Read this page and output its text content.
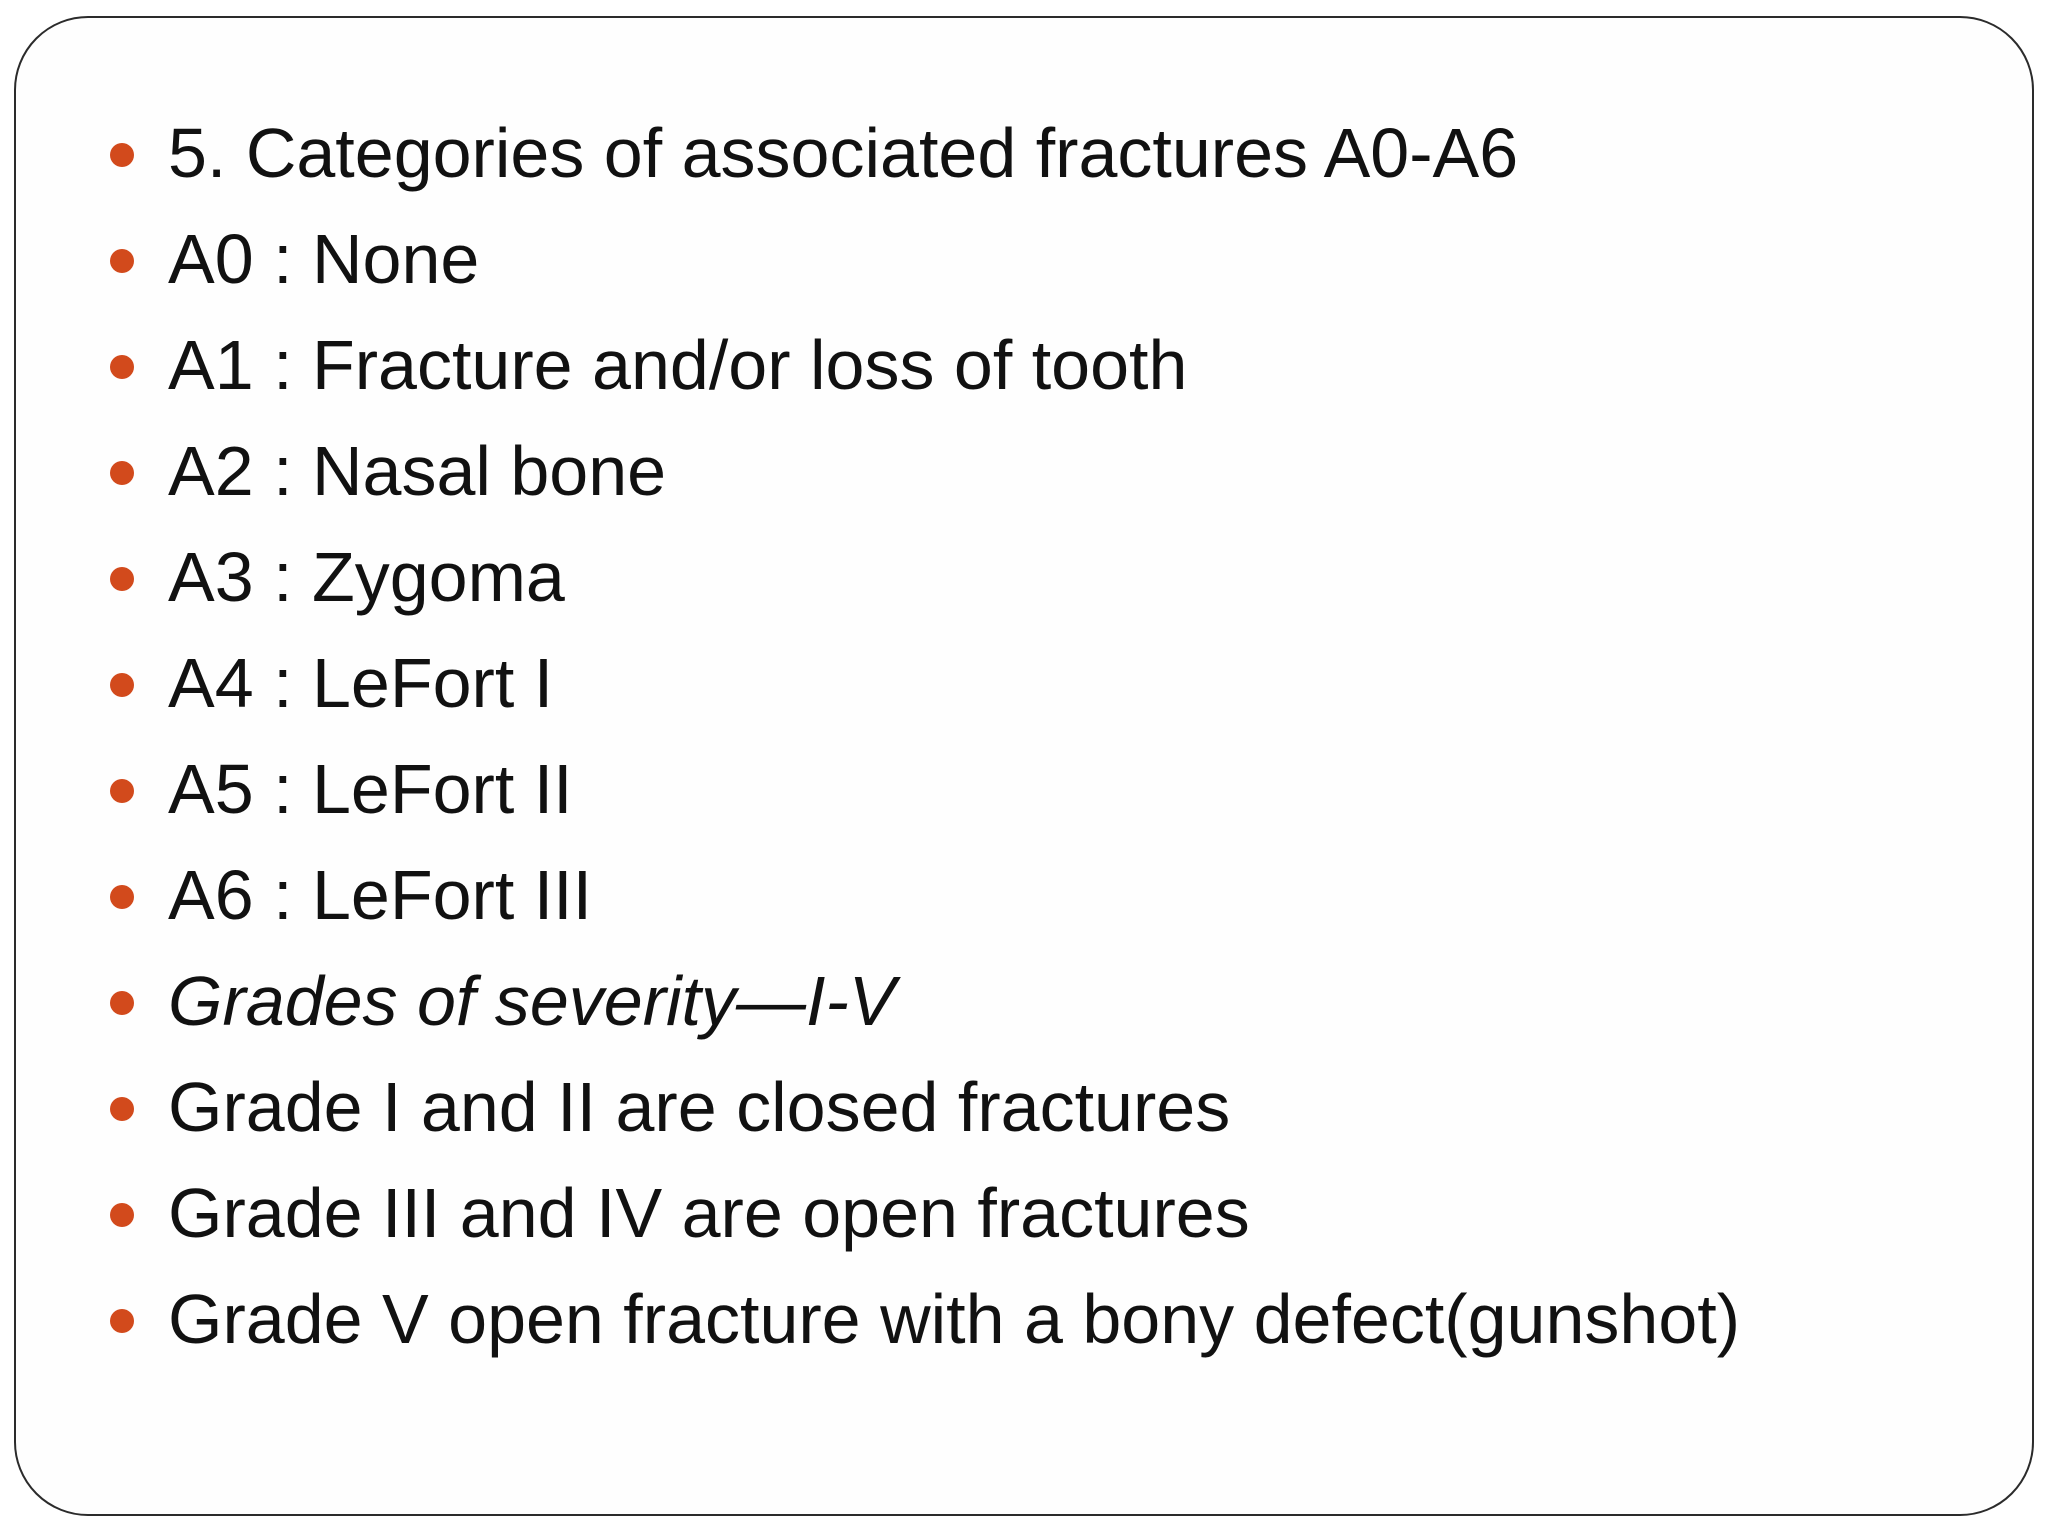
5. Categories of associated fractures A0-A6
A0 : None
A1 : Fracture and/or loss of tooth
A2 : Nasal bone
A3 : Zygoma
A4 : LeFort I
A5 : LeFort II
A6 : LeFort III
Grades of severity—I-V
Grade I and II are closed fractures
Grade III and IV are open fractures
Grade V open fracture with a bony defect(gunshot)
